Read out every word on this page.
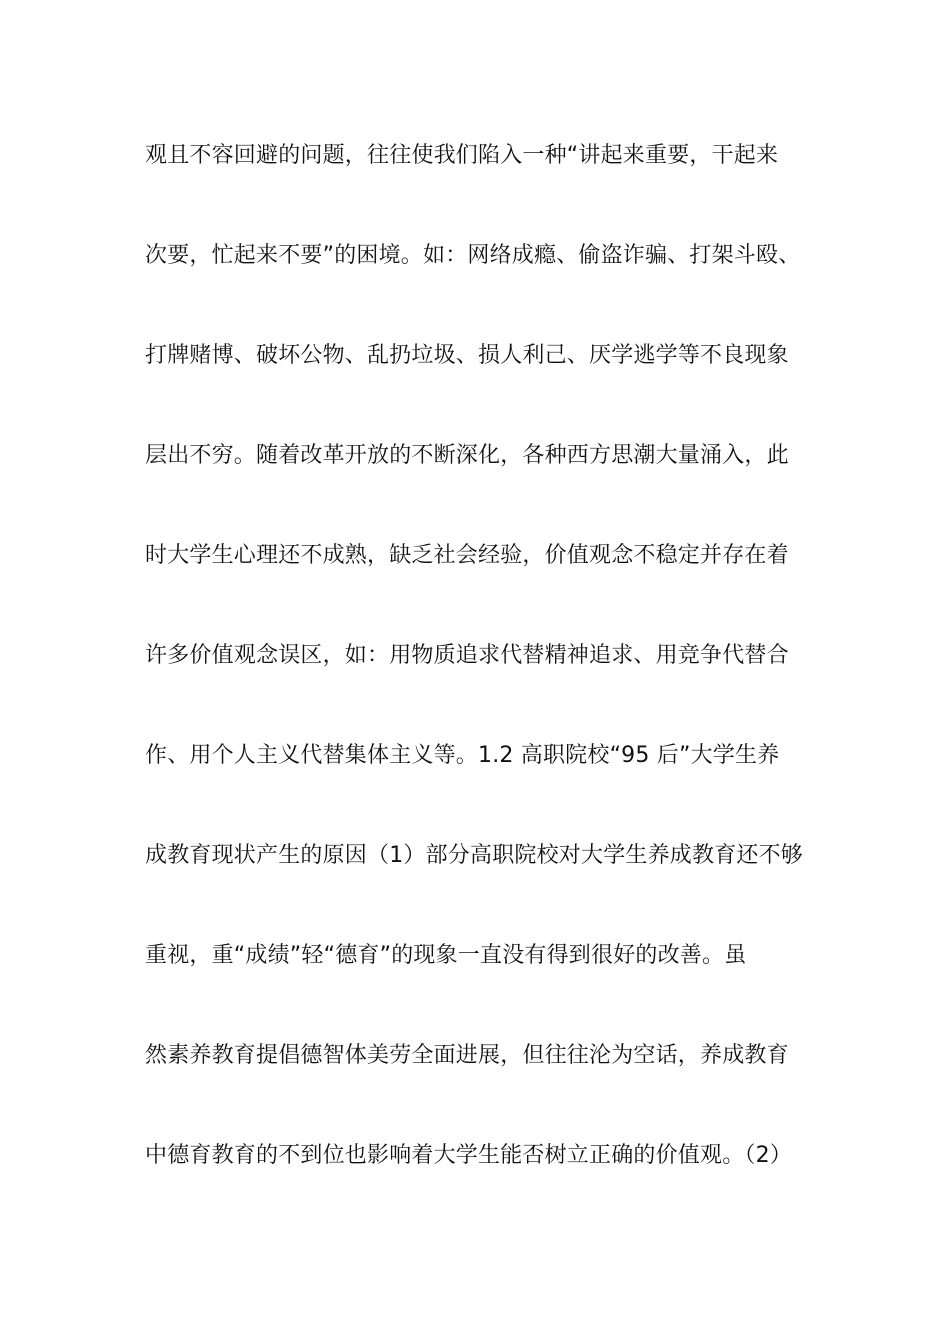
观且不容回避的问题，往往使我们陷入一种“讲起来重要，干起来
次要，忙起来不要”的困境。如：网络成瘾、偷盗诈骗、打架斗殴、
打牌赌博、破坏公物、乱扔垃圾、损人利己、厌学逃学等不良现象
层出不穷。随着改革开放的不断深化，各种西方思潮大量涌入，此
时大学生心理还不成熟，缺乏社会经验，价值观念不稳定并存在着
许多价值观念误区，如：用物质追求代替精神追求、用竞争代替合
作、用个人主义代替集体主义等。1.2 高职院校“95 后”大学生养
成教育现状产生的原因（1）部分高职院校对大学生养成教育还不够
重视，重“成绩”轻“德育”的现象一直没有得到很好的改善。虽
然素养教育提倡德智体美劳全面进展，但往往沦为空话，养成教育
中德育教育的不到位也影响着大学生能否树立正确的价值观。（2）
